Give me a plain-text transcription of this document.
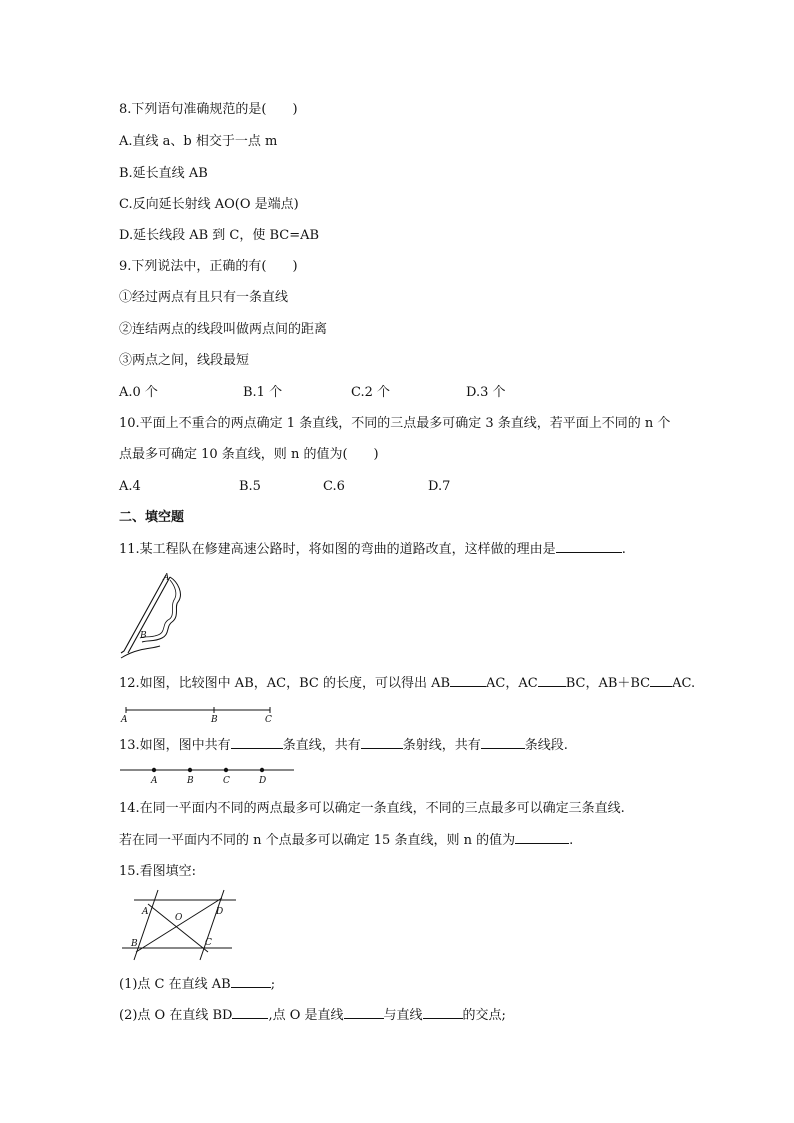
8.下列语句准确规范的是(　　)
A.直线 a、b 相交于一点 m
B.延长直线 AB
C.反向延长射线 AO(O 是端点)
D.延长线段 AB 到 C，使 BC=AB
9.下列说法中，正确的有(　　)
①经过两点有且只有一条直线
②连结两点的线段叫做两点间的距离
③两点之间，线段最短
A.0 个	B.1 个	C.2 个	D.3 个
10.平面上不重合的两点确定 1 条直线，不同的三点最多可确定 3 条直线，若平面上不同的 n 个
点最多可确定 10 条直线，则 n 的值为(　　)
A.4	B.5	C.6	D.7
二、填空题
11.某工程队在修建高速公路时，将如图的弯曲的道路改直，这样做的理由是	.
A
B
12.如图，比较图中 AB，AC，BC 的长度，可以得出 AB	AC，AC BC，AB＋BC AC.
A	B	C
13.如图，图中共有	条直线，共有	条射线，共有	条线段.
A	B	C	D
14.在同一平面内不同的两点最多可以确定一条直线，不同的三点最多可以确定三条直线.
若在同一平面内不同的 n 个点最多可以确定 15 条直线，则 n 的值为	.
15.看图填空:
A
O
D
B	C
(1)点 C 在直线 AB	;
(2)点 O 在直线 BD	,点 O 是直线	与直线	的交点;
